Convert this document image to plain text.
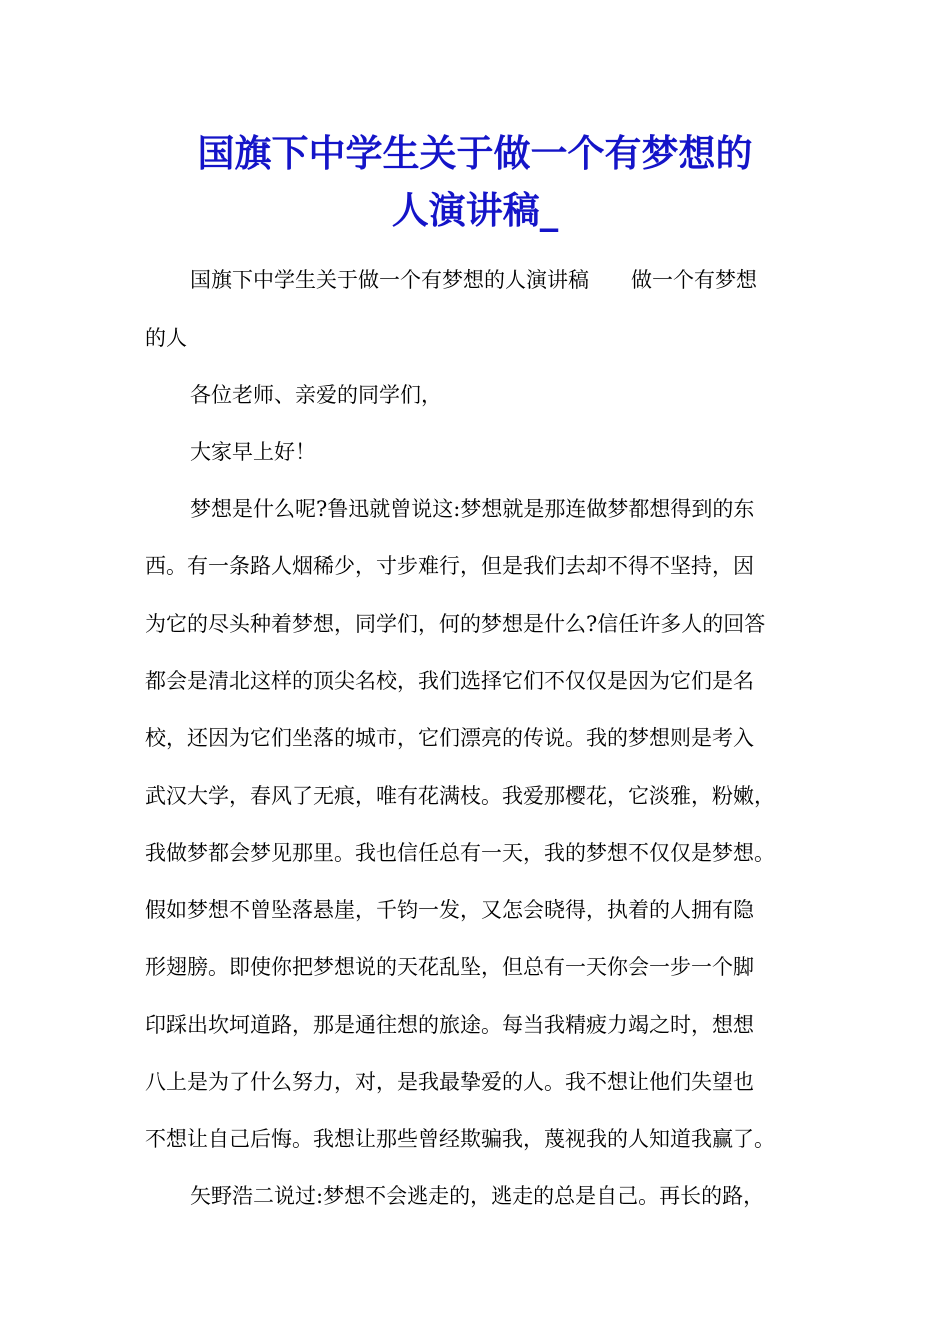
国旗下中学生关于做一个有梦想的
人演讲稿_
国旗下中学生关于做一个有梦想的人演讲稿　　做一个有梦想
的人
各位老师、亲爱的同学们，
大家早上好！
梦想是什么呢?鲁迅就曾说这:梦想就是那连做梦都想得到的东
西。有一条路人烟稀少，寸步难行，但是我们去却不得不坚持，因
为它的尽头种着梦想，同学们，何的梦想是什么?信任许多人的回答
都会是清北这样的顶尖名校，我们选择它们不仅仅是因为它们是名
校，还因为它们坐落的城市，它们漂亮的传说。我的梦想则是考入
武汉大学，春风了无痕，唯有花满枝。我爱那樱花，它淡雅，粉嫩，
我做梦都会梦见那里。我也信任总有一天，我的梦想不仅仅是梦想。
假如梦想不曾坠落悬崖，千钧一发，又怎会晓得，执着的人拥有隐
形翅膀。即使你把梦想说的天花乱坠，但总有一天你会一步一个脚
印踩出坎坷道路，那是通往想的旅途。每当我精疲力竭之时，想想
八上是为了什么努力，对，是我最挚爱的人。我不想让他们失望也
不想让自己后悔。我想让那些曾经欺骗我，蔑视我的人知道我赢了。
矢野浩二说过:梦想不会逃走的，逃走的总是自己。再长的路，
